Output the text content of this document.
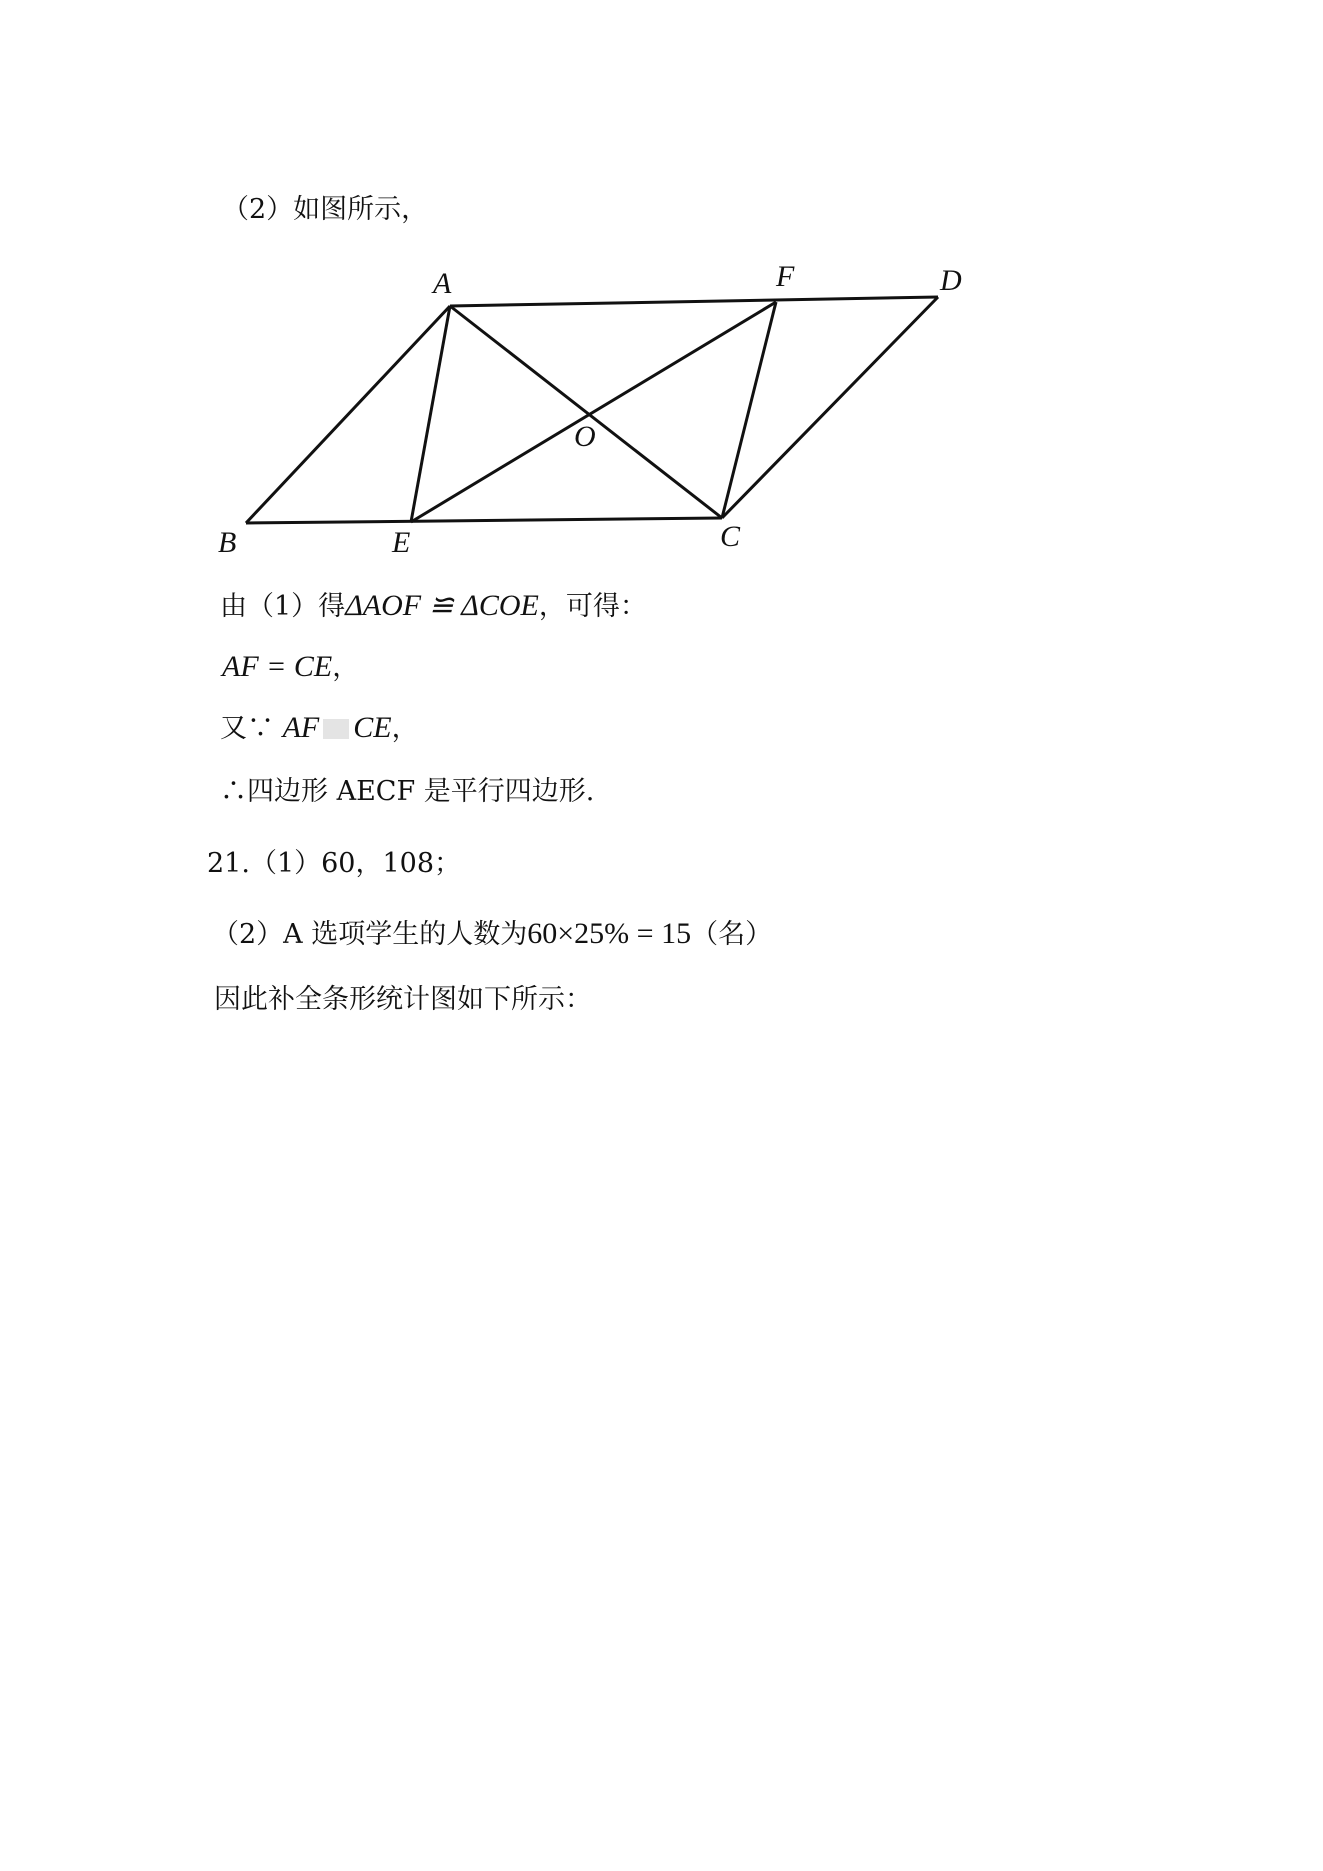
（2）如图所示，
A	F	D
O
B	E	C
由（1）得ΔAOF ≌ ΔCOE，可得：
AF = CE，
又∵ AF CE，
∴四边形 AECF 是平行四边形.
21.（1）60，108；
（2）A 选项学生的人数为60×25% = 15（名）
因此补全条形统计图如下所示：
